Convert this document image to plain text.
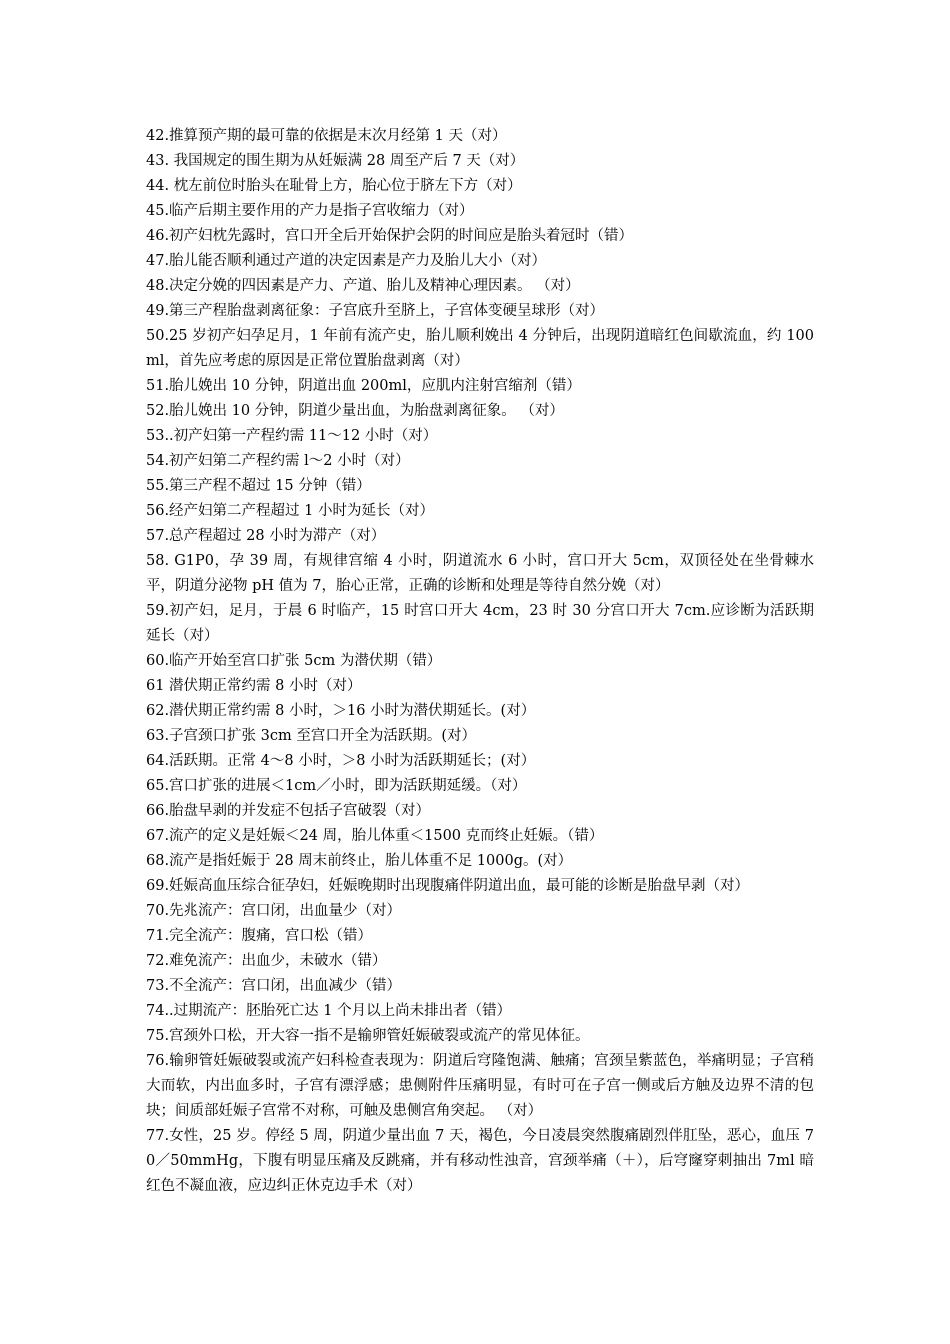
42.推算预产期的最可靠的依据是末次月经第 1 天（对）

43. 我国规定的围生期为从妊娠满 28 周至产后 7 天（对）

44. 枕左前位时胎头在耻骨上方，胎心位于脐左下方（对）

45.临产后期主要作用的产力是指子宫收缩力（对）

46.初产妇枕先露时，宫口开全后开始保护会阴的时间应是胎头着冠时（错）

47.胎儿能否顺利通过产道的决定因素是产力及胎儿大小（对）

48.决定分娩的四因素是产力、产道、胎儿及精神心理因素。 （对）

49.第三产程胎盘剥离征象：子宫底升至脐上，子宫体变硬呈球形（对）

50.25 岁初产妇孕足月，1 年前有流产史，胎儿顺利娩出 4 分钟后，出现阴道暗红色间歇流血，约 100ml，首先应考虑的原因是正常位置胎盘剥离（对）

51.胎儿娩出 10 分钟，阴道出血 200ml，应肌内注射宫缩剂（错）

52.胎儿娩出 10 分钟，阴道少量出血，为胎盘剥离征象。 （对）

53..初产妇第一产程约需 11～12 小时（对）

54.初产妇第二产程约需 l～2 小时（对）

55.第三产程不超过 15 分钟（错）

56.经产妇第二产程超过 1 小时为延长（对）

57.总产程超过 28 小时为滞产（对）

58. G1P0，孕 39 周，有规律宫缩 4 小时，阴道流水 6 小时，宫口开大 5cm，双顶径处在坐骨棘水平，阴道分泌物 pH 值为 7，胎心正常，正确的诊断和处理是等待自然分娩（对）

59.初产妇，足月，于晨 6 时临产，15 时宫口开大 4cm，23 时 30 分宫口开大 7cm.应诊断为活跃期延长（对）

60.临产开始至宫口扩张 5cm 为潜伏期（错）

61 潜伏期正常约需 8 小时（对）

62.潜伏期正常约需 8 小时，＞16 小时为潜伏期延长。(对）

63.子宫颈口扩张 3cm 至宫口开全为活跃期。(对）

64.活跃期。正常 4～8 小时，＞8 小时为活跃期延长；(对）

65.宫口扩张的进展＜1cm／小时，即为活跃期延缓。（对）

66.胎盘早剥的并发症不包括子宫破裂（对）

67.流产的定义是妊娠＜24 周，胎儿体重＜1500 克而终止妊娠。（错）

68.流产是指妊娠于 28 周末前终止，胎儿体重不足 1000g。(对）

69.妊娠高血压综合征孕妇，妊娠晚期时出现腹痛伴阴道出血，最可能的诊断是胎盘早剥（对）

70.先兆流产：宫口闭，出血量少（对）

71.完全流产：腹痛，宫口松（错）

72.难免流产：出血少，未破水（错）

73.不全流产：宫口闭，出血减少（错）

74..过期流产：胚胎死亡达 1 个月以上尚未排出者（错）

75.宫颈外口松，开大容一指不是输卵管妊娠破裂或流产的常见体征。

76.输卵管妊娠破裂或流产妇科检查表现为：阴道后穹隆饱满、触痛；宫颈呈紫蓝色，举痛明显；子宫稍大而软，内出血多时，子宫有漂浮感；患侧附件压痛明显，有时可在子宫一侧或后方触及边界不清的包块；间质部妊娠子宫常不对称，可触及患侧宫角突起。 （对）

77.女性，25 岁。停经 5 周，阴道少量出血 7 天，褐色，今日凌晨突然腹痛剧烈伴肛坠，恶心，血压 70／50mmHg，下腹有明显压痛及反跳痛，并有移动性浊音，宫颈举痛（＋），后穹窿穿刺抽出 7ml 暗红色不凝血液，应边纠正休克边手术（对）
